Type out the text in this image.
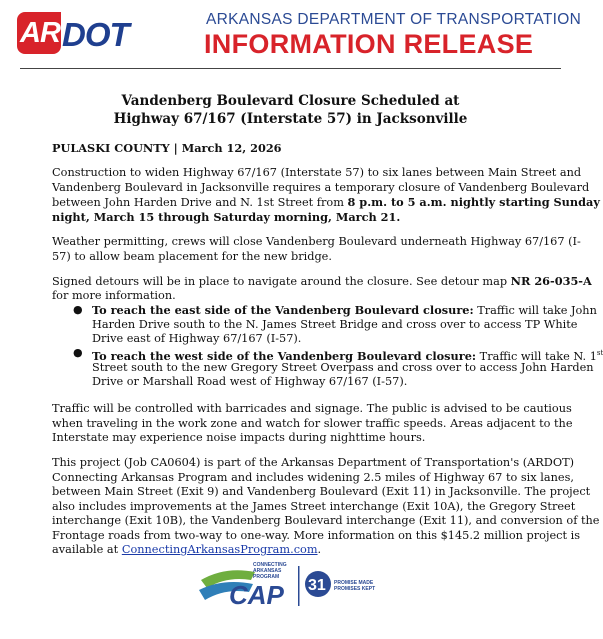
AR DOT	ARKANSAS DEPARTMENT OF TRANSPORTATION
INFORMATION RELEASE
Vandenberg Boulevard Closure Scheduled at
Highway 67/167 (Interstate 57) in Jacksonville

PULASKI COUNTY | March 12, 2026

Construction to widen Highway 67/167 (Interstate 57) to six lanes between Main Street and

Vandenberg Boulevard in Jacksonville requires a temporary closure of Vandenberg Boulevard

between John Harden Drive and N. 1st Street from 8 p.m. to 5 a.m. nightly starting Sunday

night, March 15 through Saturday morning, March 21.

Weather permitting, crews will close Vandenberg Boulevard underneath Highway 67/167 (I-

57) to allow beam placement for the new bridge.

Signed detours will be in place to navigate around the closure. See detour map NR 26-035-A

for more information.

● To reach the east side of the Vandenberg Boulevard closure: Traffic will take John
Harden Drive south to the N. James Street Bridge and cross over to access TP White
Drive east of Highway 67/167 (I-57).
● To reach the west side of the Vandenberg Boulevard closure: Traffic will take N. 1st
Street south to the new Gregory Street Overpass and cross over to access John Harden
Drive or Marshall Road west of Highway 67/167 (I-57).

Traffic will be controlled with barricades and signage. The public is advised to be cautious

when traveling in the work zone and watch for slower traffic speeds. Areas adjacent to the

Interstate may experience noise impacts during nighttime hours.

This project (Job CA0604) is part of the Arkansas Department of Transportation's (ARDOT)

Connecting Arkansas Program and includes widening 2.5 miles of Highway 67 to six lanes,

between Main Street (Exit 9) and Vandenberg Boulevard (Exit 11) in Jacksonville. The project

also includes improvements at the James Street interchange (Exit 10A), the Gregory Street

interchange (Exit 10B), the Vandenberg Boulevard interchange (Exit 11), and conversion of the

Frontage roads from two-way to one-way. More information on this $145.2 million project is

available at ConnectingArkansasProgram.com.

CONNECTING
ARKANSAS
PROGRAM
CAP 31 PROMISE MADE
PROMISES KEPT
